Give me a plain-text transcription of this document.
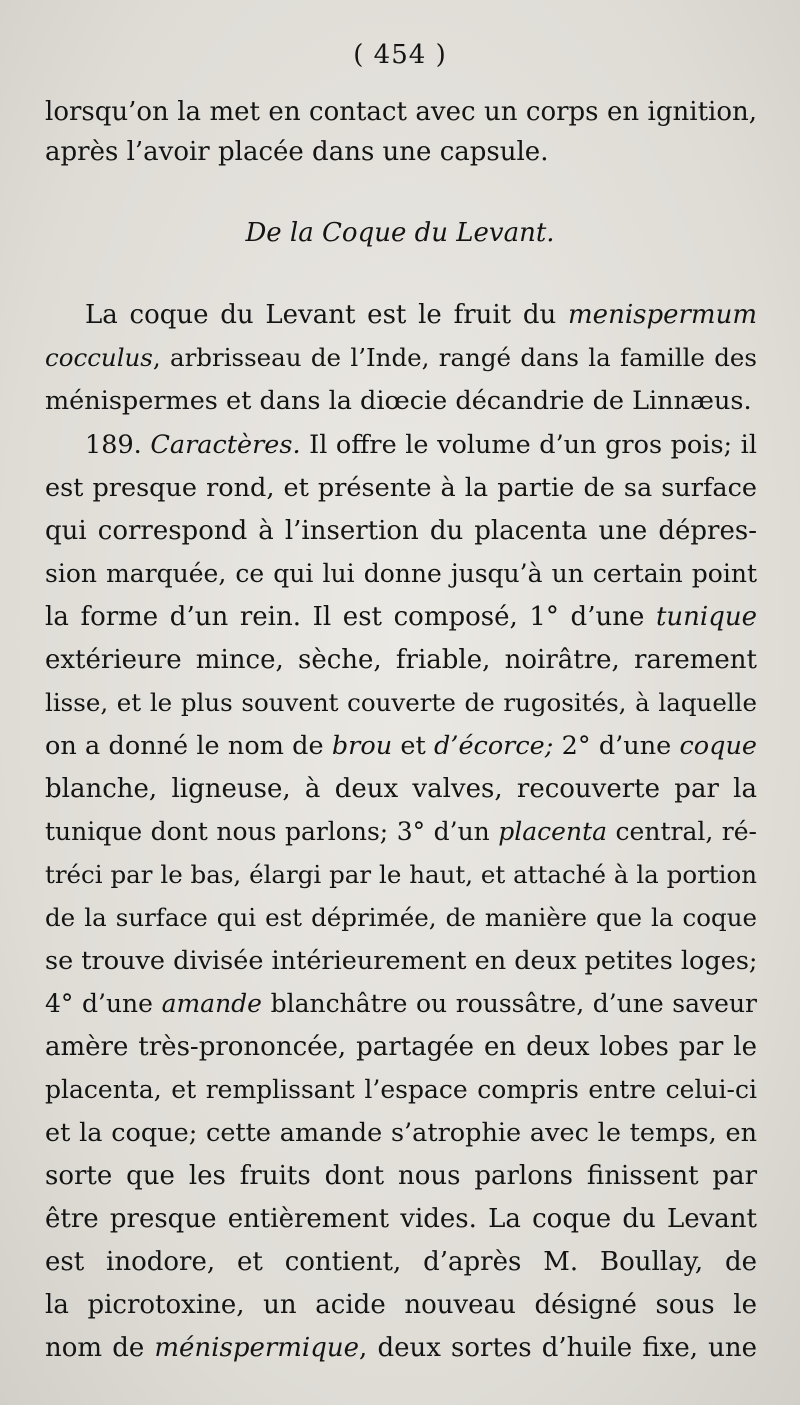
( 454 )
lorsqu’on la met en contact avec un corps en ignition,
après l’avoir placée dans une capsule.
De la Coque du Levant.
La coque du Levant est le fruit du menispermum
cocculus, arbrisseau de l’Inde, rangé dans la famille des
ménispermes et dans la diœcie décandrie de Linnæus.
189. Caractères. Il offre le volume d’un gros pois; il
est presque rond, et présente à la partie de sa surface
qui correspond à l’insertion du placenta une dépres-
sion marquée, ce qui lui donne jusqu’à un certain point
la forme d’un rein. Il est composé, 1° d’une tunique
extérieure mince, sèche, friable, noirâtre, rarement
lisse, et le plus souvent couverte de rugosités, à laquelle
on a donné le nom de brou et d’écorce; 2° d’une coque
blanche, ligneuse, à deux valves, recouverte par la
tunique dont nous parlons; 3° d’un placenta central, ré-
tréci par le bas, élargi par le haut, et attaché à la portion
de la surface qui est déprimée, de manière que la coque
se trouve divisée intérieurement en deux petites loges;
4° d’une amande blanchâtre ou roussâtre, d’une saveur
amère très-prononcée, partagée en deux lobes par le
placenta, et remplissant l’espace compris entre celui-ci
et la coque; cette amande s’atrophie avec le temps, en
sorte que les fruits dont nous parlons finissent par
être presque entièrement vides. La coque du Levant
est inodore, et contient, d’après M. Boullay, de
la picrotoxine, un acide nouveau désigné sous le
nom de ménispermique, deux sortes d’huile fixe, une
